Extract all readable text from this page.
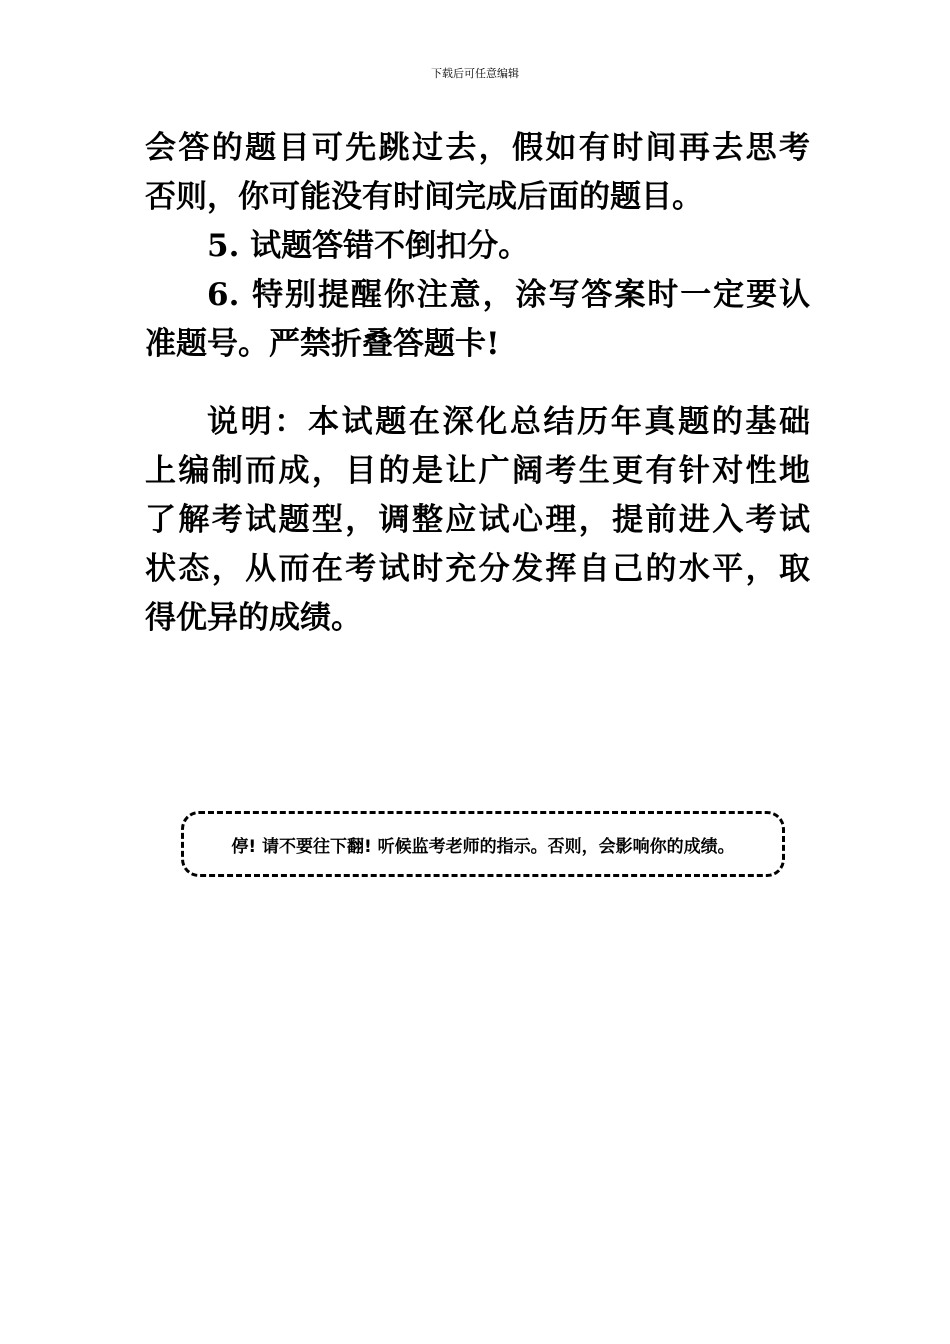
下载后可任意编辑
会答的题目可先跳过去，假如有时间再去思考
否则，你可能没有时间完成后面的题目。
5. 试题答错不倒扣分。
6. 特别提醒你注意，涂写答案时一定要认
准题号。严禁折叠答题卡!
说明：本试题在深化总结历年真题的基础
上编制而成，目的是让广阔考生更有针对性地
了解考试题型，调整应试心理，提前进入考试
状态，从而在考试时充分发挥自己的水平，取
得优异的成绩。
停! 请不要往下翻! 听候监考老师的指示。否则，会影响你的成绩。
